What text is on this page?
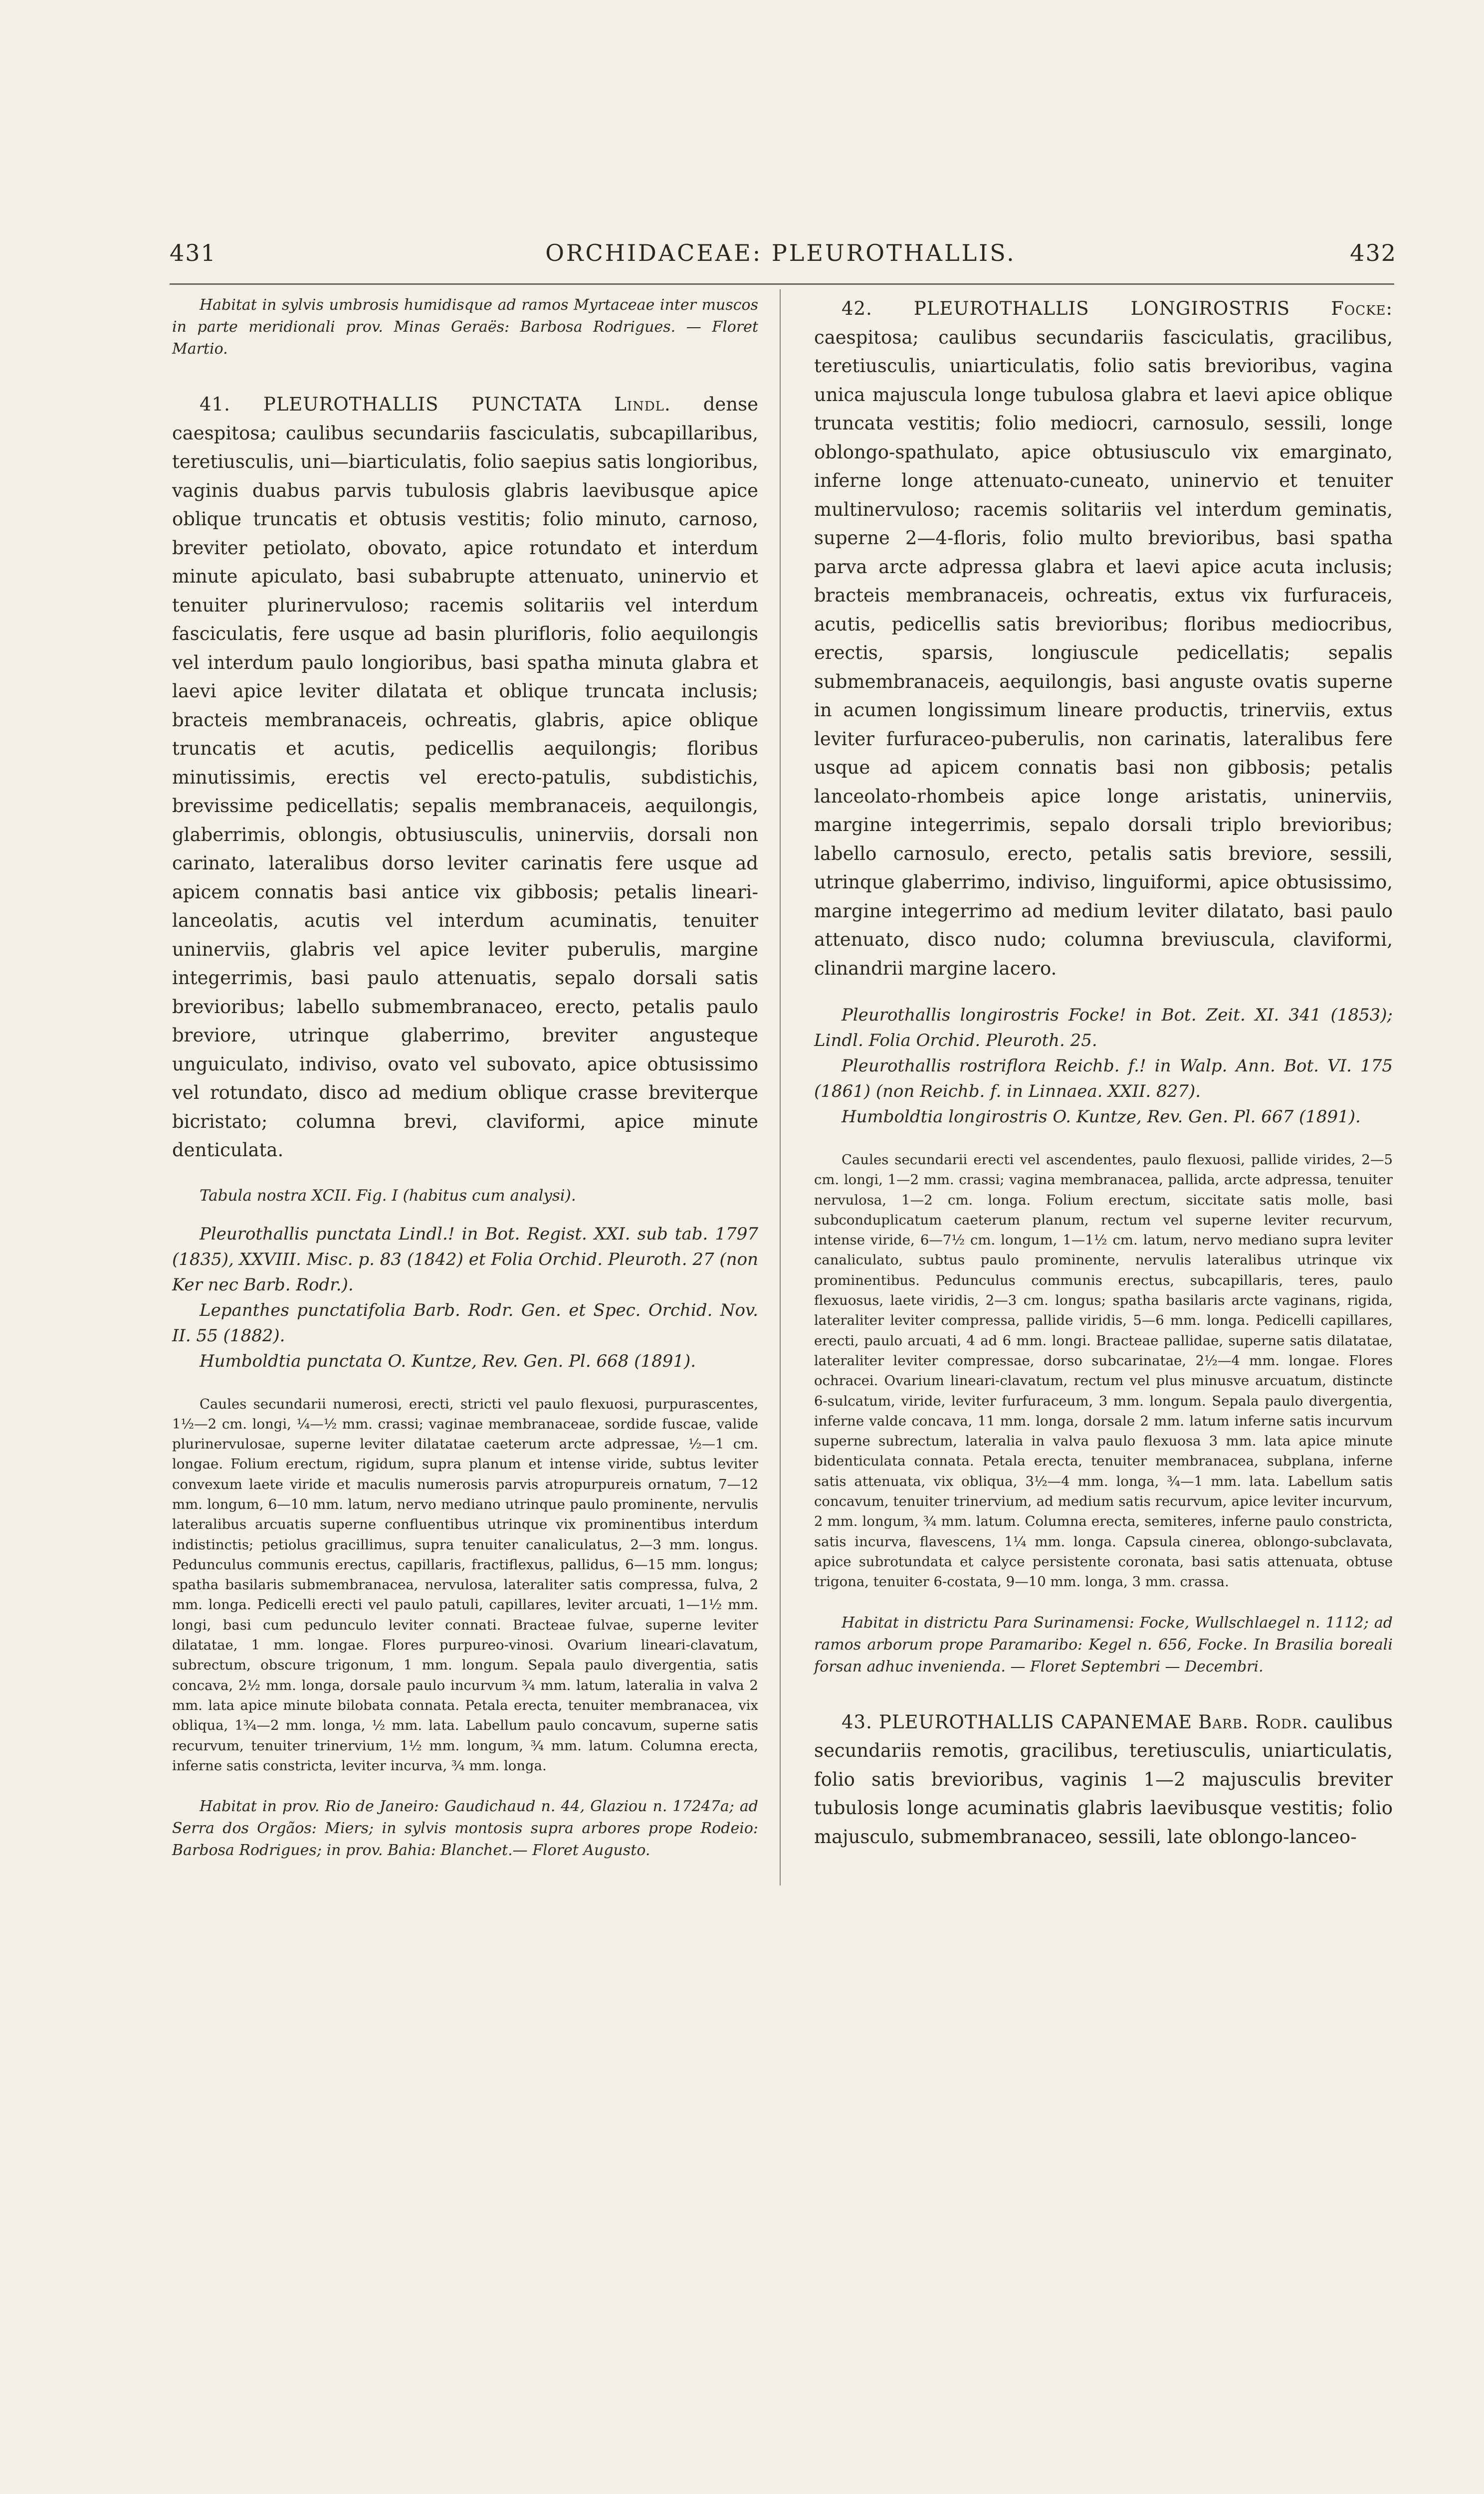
431	ORCHIDACEAE: PLEUROTHALLIS.	432

Habitat in sylvis umbrosis humidisque ad ramos Myrtaceae inter muscos in parte meridionali prov. Minas Geraës: Barbosa Rodrigues. — Floret Martio.

41. PLEUROTHALLIS PUNCTATA Lindl. dense caespitosa; caulibus secundariis fasciculatis, subcapillaribus, teretiusculis, uni—biarticulatis, folio saepius satis longioribus, vaginis duabus parvis tubulosis glabris laevibusque apice oblique truncatis et obtusis vestitis; folio minuto, carnoso, breviter petiolato, obovato, apice rotundato et interdum minute apiculato, basi subabrupte attenuato, uninervio et tenuiter plurinervuloso; racemis solitariis vel interdum fasciculatis, fere usque ad basin plurifloris, folio aequilongis vel interdum paulo longioribus, basi spatha minuta glabra et laevi apice leviter dilatata et oblique truncata inclusis; bracteis membranaceis, ochreatis, glabris, apice oblique truncatis et acutis, pedicellis aequilongis; floribus minutissimis, erectis vel erecto-patulis, subdistichis, brevissime pedicellatis; sepalis membranaceis, aequilongis, glaberrimis, oblongis, obtusiusculis, uninerviis, dorsali non carinato, lateralibus dorso leviter carinatis fere usque ad apicem connatis basi antice vix gibbosis; petalis lineari-lanceolatis, acutis vel interdum acuminatis, tenuiter uninerviis, glabris vel apice leviter puberulis, margine integerrimis, basi paulo attenuatis, sepalo dorsali satis brevioribus; labello submembranaceo, erecto, petalis paulo breviore, utrinque glaberrimo, breviter angusteque unguiculato, indiviso, ovato vel subovato, apice obtusissimo vel rotundato, disco ad medium oblique crasse breviterque bicristato; columna brevi, claviformi, apice minute denticulata.

Tabula nostra XCII. Fig. I (habitus cum analysi).

Pleurothallis punctata Lindl.! in Bot. Regist. XXI. sub tab. 1797 (1835), XXVIII. Misc. p. 83 (1842) et Folia Orchid. Pleuroth. 27 (non Ker nec Barb. Rodr.).

Lepanthes punctatifolia Barb. Rodr. Gen. et Spec. Orchid. Nov. II. 55 (1882).

Humboldtia punctata O. Kuntze, Rev. Gen. Pl. 668 (1891).

Caules secundarii numerosi, erecti, stricti vel paulo flexuosi, purpurascentes, 1½—2 cm. longi, ¼—½ mm. crassi; vaginae membranaceae, sordide fuscae, valide plurinervulosae, superne leviter dilatatae caeterum arcte adpressae, ½—1 cm. longae. Folium erectum, rigidum, supra planum et intense viride, subtus leviter convexum laete viride et maculis numerosis parvis atropurpureis ornatum, 7—12 mm. longum, 6—10 mm. latum, nervo mediano utrinque paulo prominente, nervulis lateralibus arcuatis superne confluentibus utrinque vix prominentibus interdum indistinctis; petiolus gracillimus, supra tenuiter canaliculatus, 2—3 mm. longus. Pedunculus communis erectus, capillaris, fractiflexus, pallidus, 6—15 mm. longus; spatha basilaris submembranacea, nervulosa, lateraliter satis compressa, fulva, 2 mm. longa. Pedicelli erecti vel paulo patuli, capillares, leviter arcuati, 1—1½ mm. longi, basi cum pedunculo leviter connati. Bracteae fulvae, superne leviter dilatatae, 1 mm. longae. Flores purpureo-vinosi. Ovarium lineari-clavatum, subrectum, obscure trigonum, 1 mm. longum. Sepala paulo divergentia, satis concava, 2½ mm. longa, dorsale paulo incurvum ¾ mm. latum, lateralia in valva 2 mm. lata apice minute bilobata connata. Petala erecta, tenuiter membranacea, vix obliqua, 1¾—2 mm. longa, ½ mm. lata. Labellum paulo concavum, superne satis recurvum, tenuiter trinervium, 1½ mm. longum, ¾ mm. latum. Columna erecta, inferne satis constricta, leviter incurva, ¾ mm. longa.

Habitat in prov. Rio de Janeiro: Gaudichaud n. 44, Glaziou n. 17247a; ad Serra dos Orgãos: Miers; in sylvis montosis supra arbores prope Rodeio: Barbosa Rodrigues; in prov. Bahia: Blanchet.— Floret Augusto.

42. PLEUROTHALLIS LONGIROSTRIS Focke: caespitosa; caulibus secundariis fasciculatis, gracilibus, teretiusculis, uniarticulatis, folio satis brevioribus, vagina unica majuscula longe tubulosa glabra et laevi apice oblique truncata vestitis; folio mediocri, carnosulo, sessili, longe oblongo-spathulato, apice obtusiusculo vix emarginato, inferne longe attenuato-cuneato, uninervio et tenuiter multinervuloso; racemis solitariis vel interdum geminatis, superne 2—4-floris, folio multo brevioribus, basi spatha parva arcte adpressa glabra et laevi apice acuta inclusis; bracteis membranaceis, ochreatis, extus vix furfuraceis, acutis, pedicellis satis brevioribus; floribus mediocribus, erectis, sparsis, longiuscule pedicellatis; sepalis submembranaceis, aequilongis, basi anguste ovatis superne in acumen longissimum lineare productis, trinerviis, extus leviter furfuraceo-puberulis, non carinatis, lateralibus fere usque ad apicem connatis basi non gibbosis; petalis lanceolato-rhombeis apice longe aristatis, uninerviis, margine integerrimis, sepalo dorsali triplo brevioribus; labello carnosulo, erecto, petalis satis breviore, sessili, utrinque glaberrimo, indiviso, linguiformi, apice obtusissimo, margine integerrimo ad medium leviter dilatato, basi paulo attenuato, disco nudo; columna breviuscula, claviformi, clinandrii margine lacero.

Pleurothallis longirostris Focke! in Bot. Zeit. XI. 341 (1853); Lindl. Folia Orchid. Pleuroth. 25.

Pleurothallis rostriflora Reichb. f.! in Walp. Ann. Bot. VI. 175 (1861) (non Reichb. f. in Linnaea. XXII. 827).

Humboldtia longirostris O. Kuntze, Rev. Gen. Pl. 667 (1891).

Caules secundarii erecti vel ascendentes, paulo flexuosi, pallide virides, 2—5 cm. longi, 1—2 mm. crassi; vagina membranacea, pallida, arcte adpressa, tenuiter nervulosa, 1—2 cm. longa. Folium erectum, siccitate satis molle, basi subconduplicatum caeterum planum, rectum vel superne leviter recurvum, intense viride, 6—7½ cm. longum, 1—1½ cm. latum, nervo mediano supra leviter canaliculato, subtus paulo prominente, nervulis lateralibus utrinque vix prominentibus. Pedunculus communis erectus, subcapillaris, teres, paulo flexuosus, laete viridis, 2—3 cm. longus; spatha basilaris arcte vaginans, rigida, lateraliter leviter compressa, pallide viridis, 5—6 mm. longa. Pedicelli capillares, erecti, paulo arcuati, 4 ad 6 mm. longi. Bracteae pallidae, superne satis dilatatae, lateraliter leviter compressae, dorso subcarinatae, 2½—4 mm. longae. Flores ochracei. Ovarium lineari-clavatum, rectum vel plus minusve arcuatum, distincte 6-sulcatum, viride, leviter furfuraceum, 3 mm. longum. Sepala paulo divergentia, inferne valde concava, 11 mm. longa, dorsale 2 mm. latum inferne satis incurvum superne subrectum, lateralia in valva paulo flexuosa 3 mm. lata apice minute bidenticulata connata. Petala erecta, tenuiter membranacea, subplana, inferne satis attenuata, vix obliqua, 3½—4 mm. longa, ¾—1 mm. lata. Labellum satis concavum, tenuiter trinervium, ad medium satis recurvum, apice leviter incurvum, 2 mm. longum, ¾ mm. latum. Columna erecta, semiteres, inferne paulo constricta, satis incurva, flavescens, 1¼ mm. longa. Capsula cinerea, oblongo-subclavata, apice subrotundata et calyce persistente coronata, basi satis attenuata, obtuse trigona, tenuiter 6-costata, 9—10 mm. longa, 3 mm. crassa.

Habitat in districtu Para Surinamensi: Focke, Wullschlaegel n. 1112; ad ramos arborum prope Paramaribo: Kegel n. 656, Focke. In Brasilia boreali forsan adhuc invenienda. — Floret Septembri — Decembri.

43. PLEUROTHALLIS CAPANEMAE Barb. Rodr. caulibus secundariis remotis, gracilibus, teretiusculis, uniarticulatis, folio satis brevioribus, vaginis 1—2 majusculis breviter tubulosis longe acuminatis glabris laevibusque vestitis; folio majusculo, submembranaceo, sessili, late oblongo-lanceo-
